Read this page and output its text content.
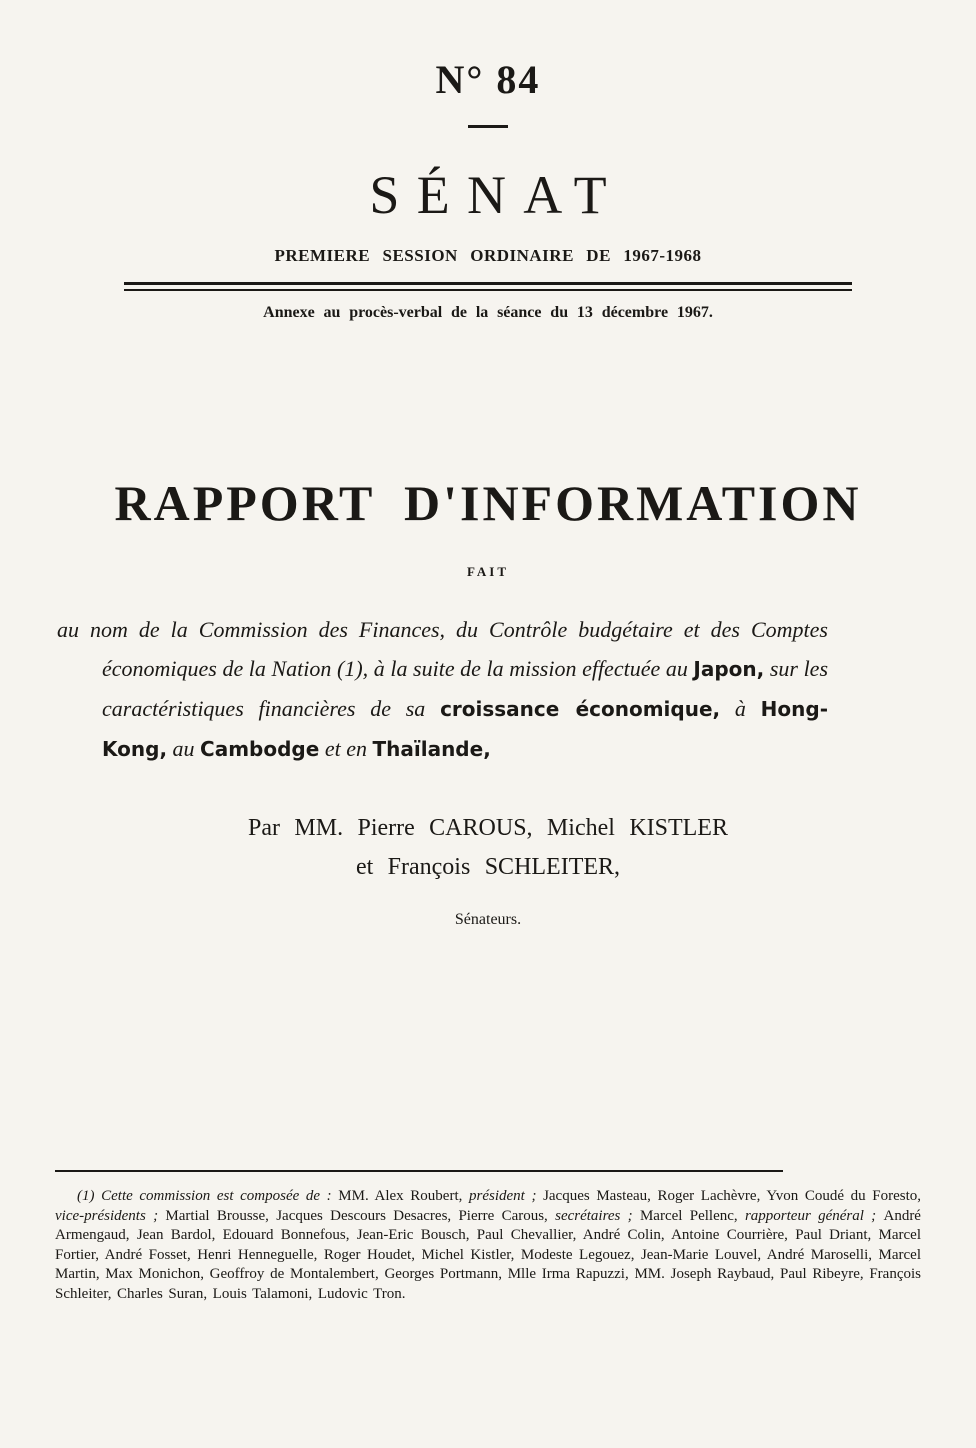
N° 84
SÉNAT
PREMIERE SESSION ORDINAIRE DE 1967-1968
Annexe au procès-verbal de la séance du 13 décembre 1967.
RAPPORT D'INFORMATION
FAIT

au nom de la Commission des Finances, du Contrôle budgétaire et des Comptes économiques de la Nation (1), à la suite de la mission effectuée au Japon, sur les caractéristiques financières de sa croissance économique, à Hong-Kong, au Cambodge et en Thaïlande,

Par MM. Pierre CAROUS, Michel KISTLER
et François SCHLEITER,
Sénateurs.

(1) Cette commission est composée de : MM. Alex Roubert, président ; Jacques Masteau, Roger Lachèvre, Yvon Coudé du Foresto, vice-présidents ; Martial Brousse, Jacques Descours Desacres, Pierre Carous, secrétaires ; Marcel Pellenc, rapporteur général ; André Armengaud, Jean Bardol, Edouard Bonnefous, Jean-Eric Bousch, Paul Chevallier, André Colin, Antoine Courrière, Paul Driant, Marcel Fortier, André Fosset, Henri Henneguelle, Roger Houdet, Michel Kistler, Modeste Legouez, Jean-Marie Louvel, André Maroselli, Marcel Martin, Max Monichon, Geoffroy de Montalembert, Georges Portmann, Mlle Irma Rapuzzi, MM. Joseph Raybaud, Paul Ribeyre, François Schleiter, Charles Suran, Louis Talamoni, Ludovic Tron.
